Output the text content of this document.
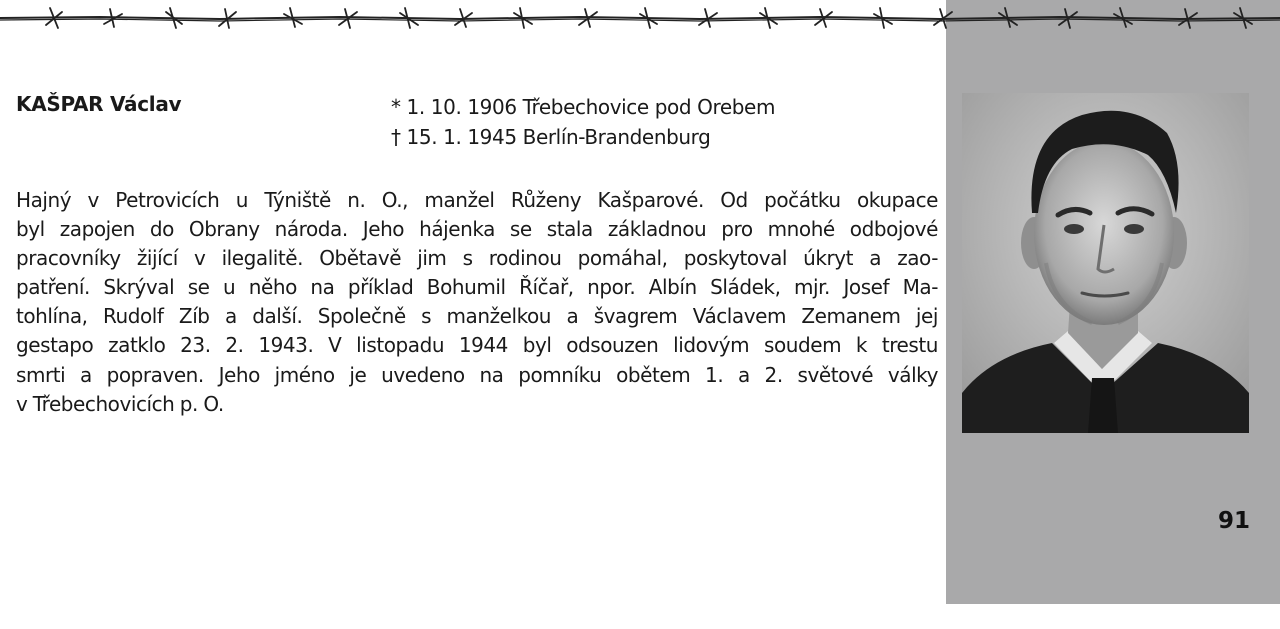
KAŠPAR Václav	* 1. 10. 1906 Třebechovice pod Orebem
† 15. 1. 1945 Berlín-Brandenburg
Hajný v Petrovicích u Týniště n. O., manžel Růženy Kašparové. Od počátku okupace
byl zapojen do Obrany národa. Jeho hájenka se stala základnou pro mnohé odbojové
pracovníky žijící v ilegalitě. Obětavě jim s rodinou pomáhal, poskytoval úkryt a zao-
patření. Skrýval se u něho na příklad Bohumil Říčař, npor. Albín Sládek, mjr. Josef Ma-
tohlína, Rudolf Zíb a další. Společně s manželkou a švagrem Václavem Zemanem jej
gestapo zatklo 23. 2. 1943. V listopadu 1944 byl odsouzen lidovým soudem k trestu
smrti a popraven. Jeho jméno je uvedeno na pomníku obětem 1. a 2. světové války
v Třebechovicích p. O.
91
